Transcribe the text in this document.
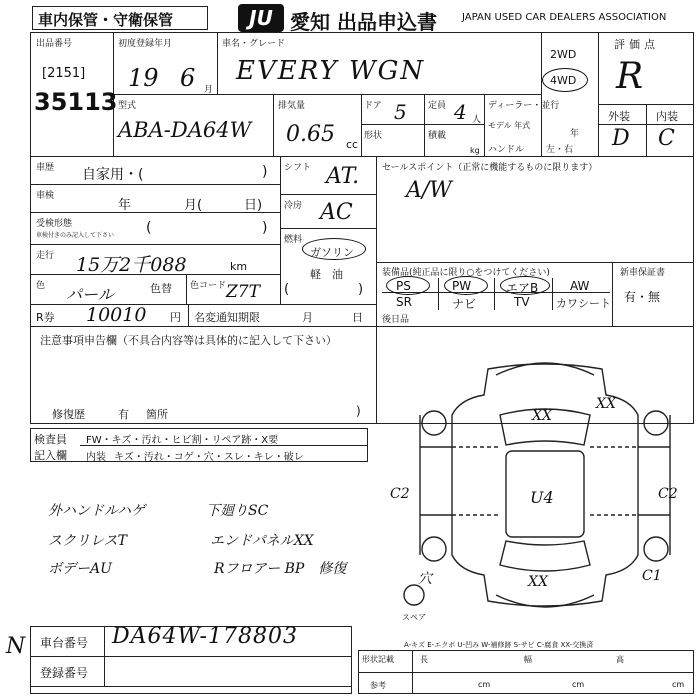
車内保管・守衛保管	JU 愛知 出品申込書	JAPAN USED CAR DEALERS ASSOCIATION
出品番号
[2151]
35113
初度登録年月
19 6 月
車名・グレード
EVERY WGN
2WD
4WD
評価点
R
外装 内装
D C
型式
ABA-DA64W
排気量
0.65 cc
ドア 5
形状
定員 4 人
積載
kg
ディーラー・並行
モデル 年式
年
ハンドル 左・右
車歴 自家用・(	)
車検
年	月(	日)
受検形態
車検付きのみ記入して下さい (	)
走行 15万2千088	km
色 パール	色替 色コード Z7T
シフト AT.
冷房 AC
燃料
ガソリン
軽　油
(	)
セールスポイント（正常に機能するものに限ります）
A/W
装備品(純正品に限り○をつけてください)	新車保証書
有・無
PS	PW	エアB	AW
SR	ナビ	TV カワシート
後日品
R券 10010 円 名変通知期限	月	日
注意事項申告欄（不具合内容等は具体的に記入して下さい）
修復歴	有 箇所	)
検査員
記入欄
FW・キズ・汚れ・ヒビ割・リペア跡・X要
内装 キズ・汚れ・コゲ・穴・スレ・キレ・破レ
外ハンドルハゲ
スクリレスT
ボデーAU
下廻りSC
エンドパネルXX
Rフロアー BP　修復
XX
XX
C2	U4	C2
XX
穴	C1
スペア
A-キズ E-エクボ U-凹み W-補修跡 S-サビ C-腐食 XX-交換済
車台番号 DA64W-178803
登録番号
形状記載
参考
長	幅	高
cm	cm	cm
N
